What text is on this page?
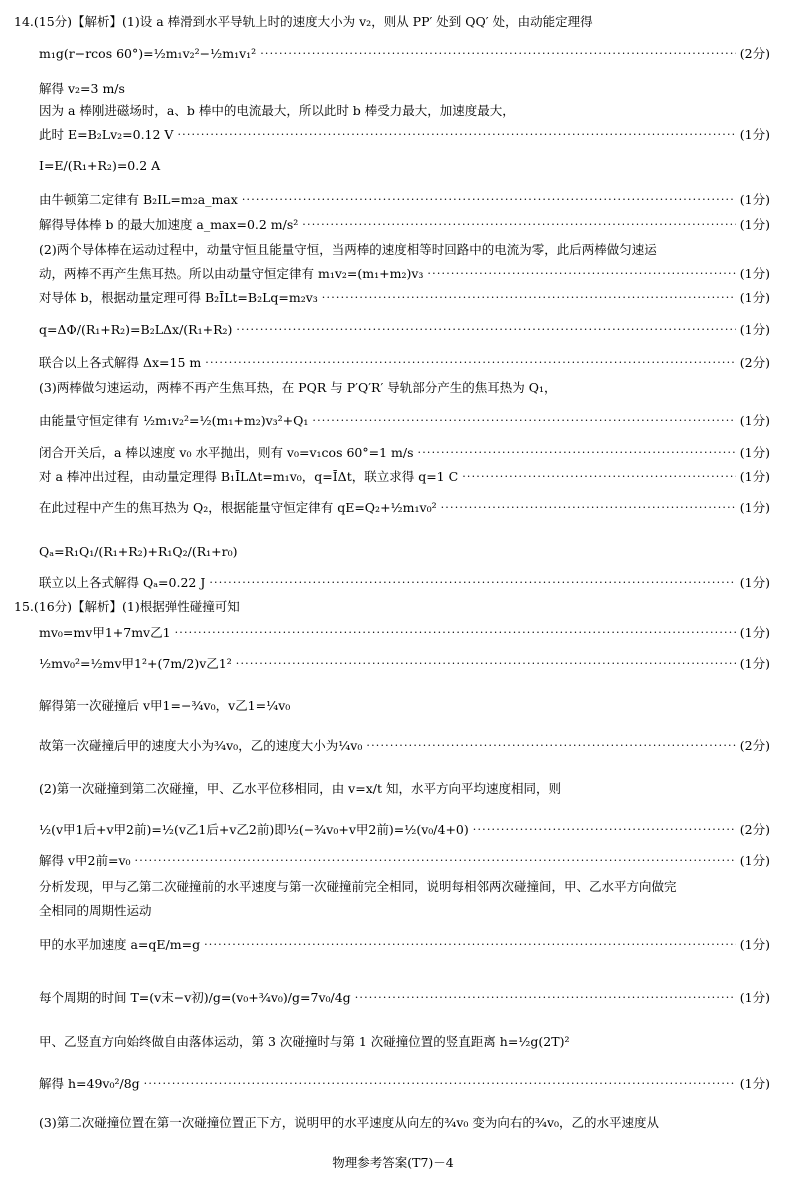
14.(15分)【解析】(1)设 a 棒滑到水平导轨上时的速度大小为 v₂，则从 PP′ 处到 QQ′ 处，由动能定理得
m₁g(r−rcos 60°)=½m₁v₂²−½m₁v₁² ·····	(2分)
解得 v₂=3 m/s
因为 a 棒刚进磁场时，a、b 棒中的电流最大，所以此时 b 棒受力最大，加速度最大，
此时 E=B₂Lv₂=0.12 V ·····	(1分)
I=E/(R₁+R₂)=0.2 A
由牛顿第二定律有 B₂IL=m₂a_max ·····	(1分)
解得导体棒 b 的最大加速度 a_max=0.2 m/s² ·····	(1分)
(2)两个导体棒在运动过程中，动量守恒且能量守恒，当两棒的速度相等时回路中的电流为零，此后两棒做匀速运
动，两棒不再产生焦耳热。所以由动量守恒定律有 m₁v₂=(m₁+m₂)v₃ ·····	(1分)
对导体 b，根据动量定理可得 B₂ĪLt=B₂Lq=m₂v₃ ·····	(1分)
q=ΔΦ/(R₁+R₂)=B₂LΔx/(R₁+R₂) ·····	(1分)
联合以上各式解得 Δx=15 m ·····	(2分)
(3)两棒做匀速运动，两棒不再产生焦耳热，在 PQR 与 P′Q′R′ 导轨部分产生的焦耳热为 Q₁，
由能量守恒定律有 ½m₁v₂²=½(m₁+m₂)v₃²+Q₁ ·····	(1分)
闭合开关后，a 棒以速度 v₀ 水平抛出，则有 v₀=v₁cos 60°=1 m/s ·····	(1分)
对 a 棒冲出过程，由动量定理得 B₁ĪLΔt=m₁v₀，q=ĪΔt，联立求得 q=1 C ·····	(1分)
在此过程中产生的焦耳热为 Q₂，根据能量守恒定律有 qE=Q₂+½m₁v₀² ·····	(1分)
Qₐ=R₁Q₁/(R₁+R₂)+R₁Q₂/(R₁+r₀)
联立以上各式解得 Qₐ=0.22 J ·····	(1分)
15.(16分)【解析】(1)根据弹性碰撞可知
mv₀=mv甲1+7mv乙1 ·····	(1分)
½mv₀²=½mv甲1²+(7m/2)v乙1² ·····	(1分)
解得第一次碰撞后 v甲1=−¾v₀，v乙1=¼v₀
故第一次碰撞后甲的速度大小为¾v₀，乙的速度大小为¼v₀ ·····	(2分)
(2)第一次碰撞到第二次碰撞，甲、乙水平位移相同，由 v=x/t 知，水平方向平均速度相同，则
½(v甲1后+v甲2前)=½(v乙1后+v乙2前)即½(−¾v₀+v甲2前)=½(v₀/4+0) ·····	(2分)
解得 v甲2前=v₀ ·····	(1分)
分析发现，甲与乙第二次碰撞前的水平速度与第一次碰撞前完全相同，说明每相邻两次碰撞间，甲、乙水平方向做完
全相同的周期性运动
甲的水平加速度 a=qE/m=g ·····	(1分)
每个周期的时间 T=(v末−v初)/g=(v₀+¾v₀)/g=7v₀/4g ·····	(1分)
甲、乙竖直方向始终做自由落体运动，第 3 次碰撞时与第 1 次碰撞位置的竖直距离 h=½g(2T)²
解得 h=49v₀²/8g ·····	(1分)
(3)第二次碰撞位置在第一次碰撞位置正下方，说明甲的水平速度从向左的¾v₀ 变为向右的¾v₀，乙的水平速度从
物理参考答案(T7)－4
